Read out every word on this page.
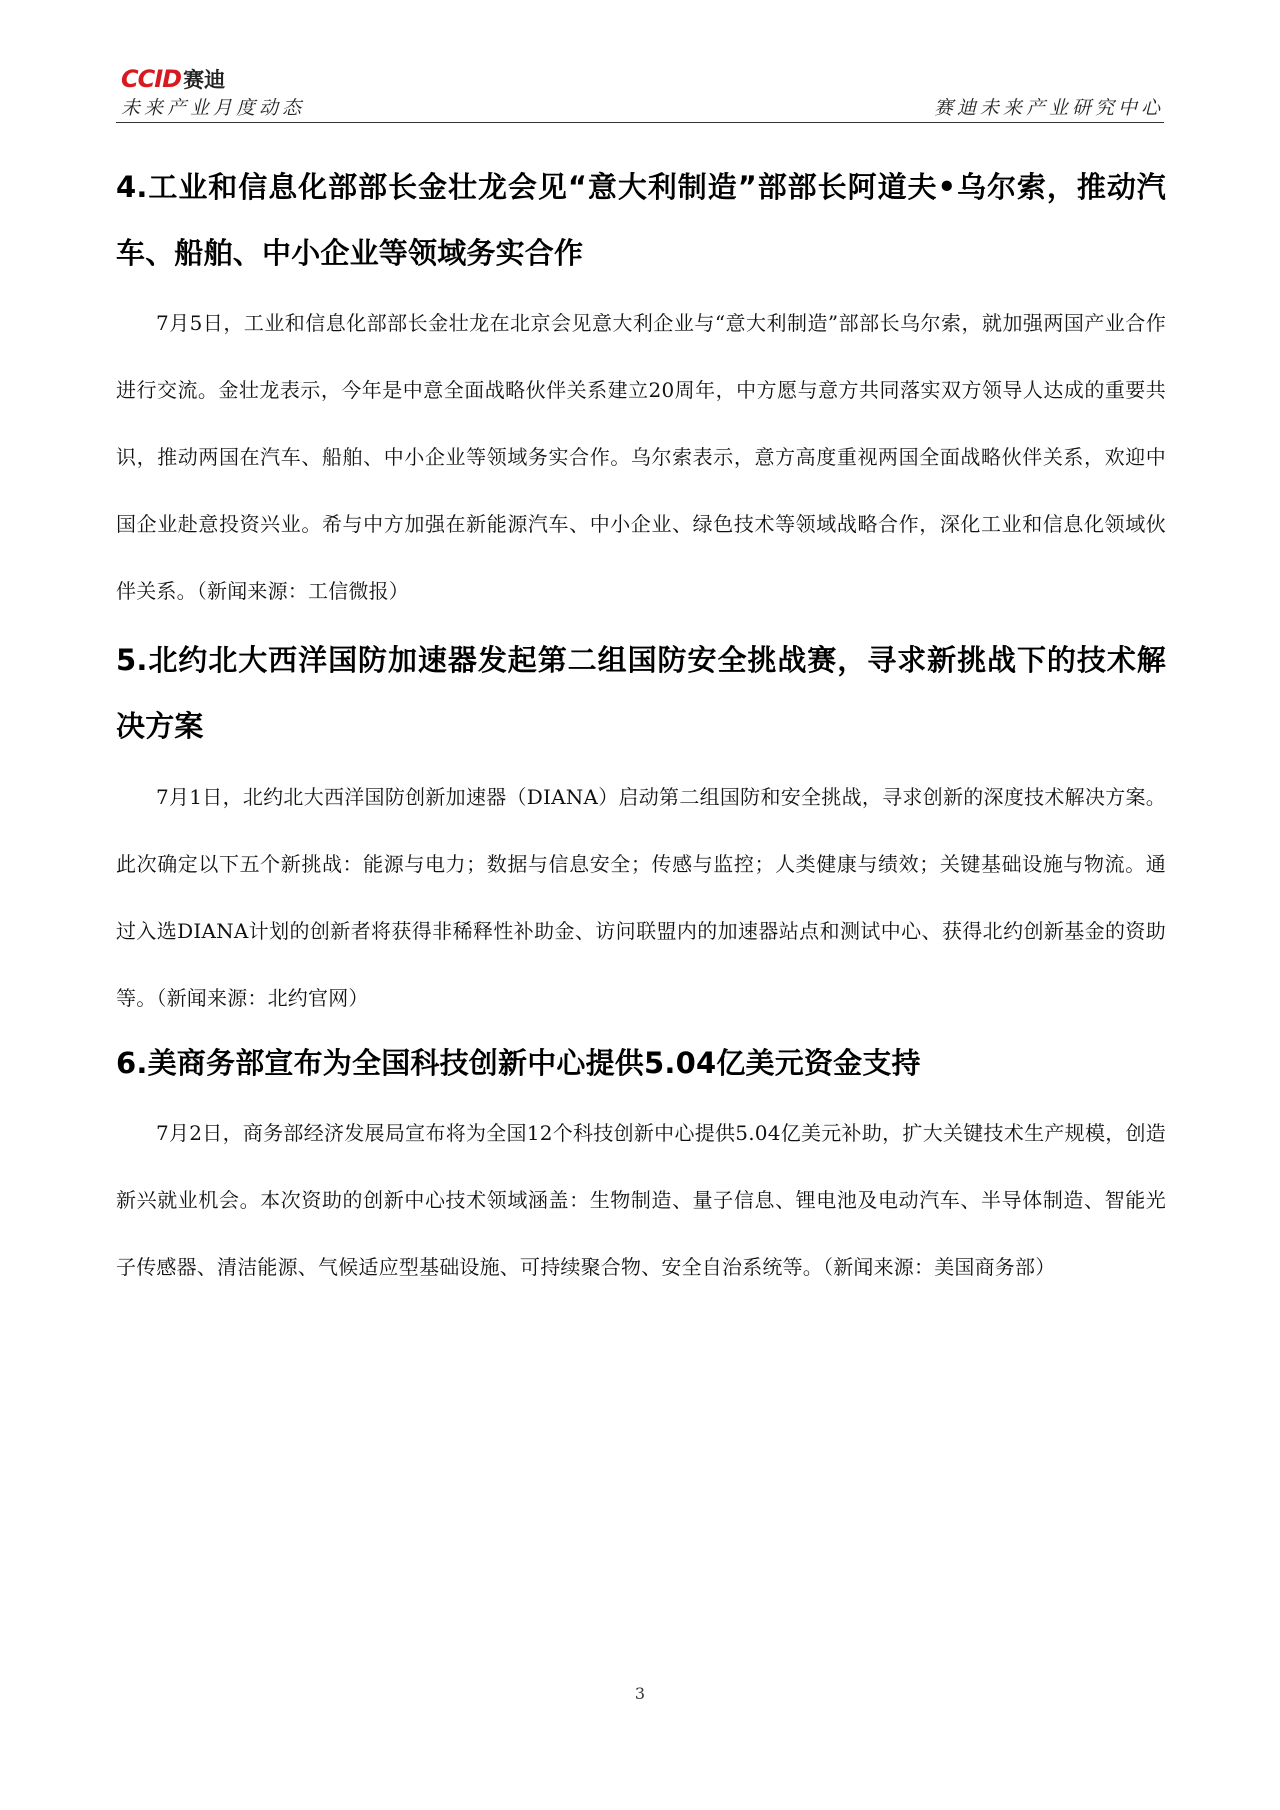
CCID 赛迪
未来产业月度动态	赛迪未来产业研究中心
4.工业和信息化部部长金壮龙会见“意大利制造”部部长阿道夫•乌尔索，推动汽车、船舶、中小企业等领域务实合作
7月5日，工业和信息化部部长金壮龙在北京会见意大利企业与“意大利制造”部部长乌尔索，就加强两国产业合作进行交流。金壮龙表示，今年是中意全面战略伙伴关系建立20周年，中方愿与意方共同落实双方领导人达成的重要共识，推动两国在汽车、船舶、中小企业等领域务实合作。乌尔索表示，意方高度重视两国全面战略伙伴关系，欢迎中国企业赴意投资兴业。希与中方加强在新能源汽车、中小企业、绿色技术等领域战略合作，深化工业和信息化领域伙伴关系。（新闻来源：工信微报）
5.北约北大西洋国防加速器发起第二组国防安全挑战赛，寻求新挑战下的技术解决方案
7月1日，北约北大西洋国防创新加速器（DIANA）启动第二组国防和安全挑战，寻求创新的深度技术解决方案。此次确定以下五个新挑战：能源与电力；数据与信息安全；传感与监控；人类健康与绩效；关键基础设施与物流。通过入选DIANA计划的创新者将获得非稀释性补助金、访问联盟内的加速器站点和测试中心、获得北约创新基金的资助等。（新闻来源：北约官网）
6.美商务部宣布为全国科技创新中心提供5.04亿美元资金支持
7月2日，商务部经济发展局宣布将为全国12个科技创新中心提供5.04亿美元补助，扩大关键技术生产规模，创造新兴就业机会。本次资助的创新中心技术领域涵盖：生物制造、量子信息、锂电池及电动汽车、半导体制造、智能光子传感器、清洁能源、气候适应型基础设施、可持续聚合物、安全自治系统等。（新闻来源：美国商务部）
3
